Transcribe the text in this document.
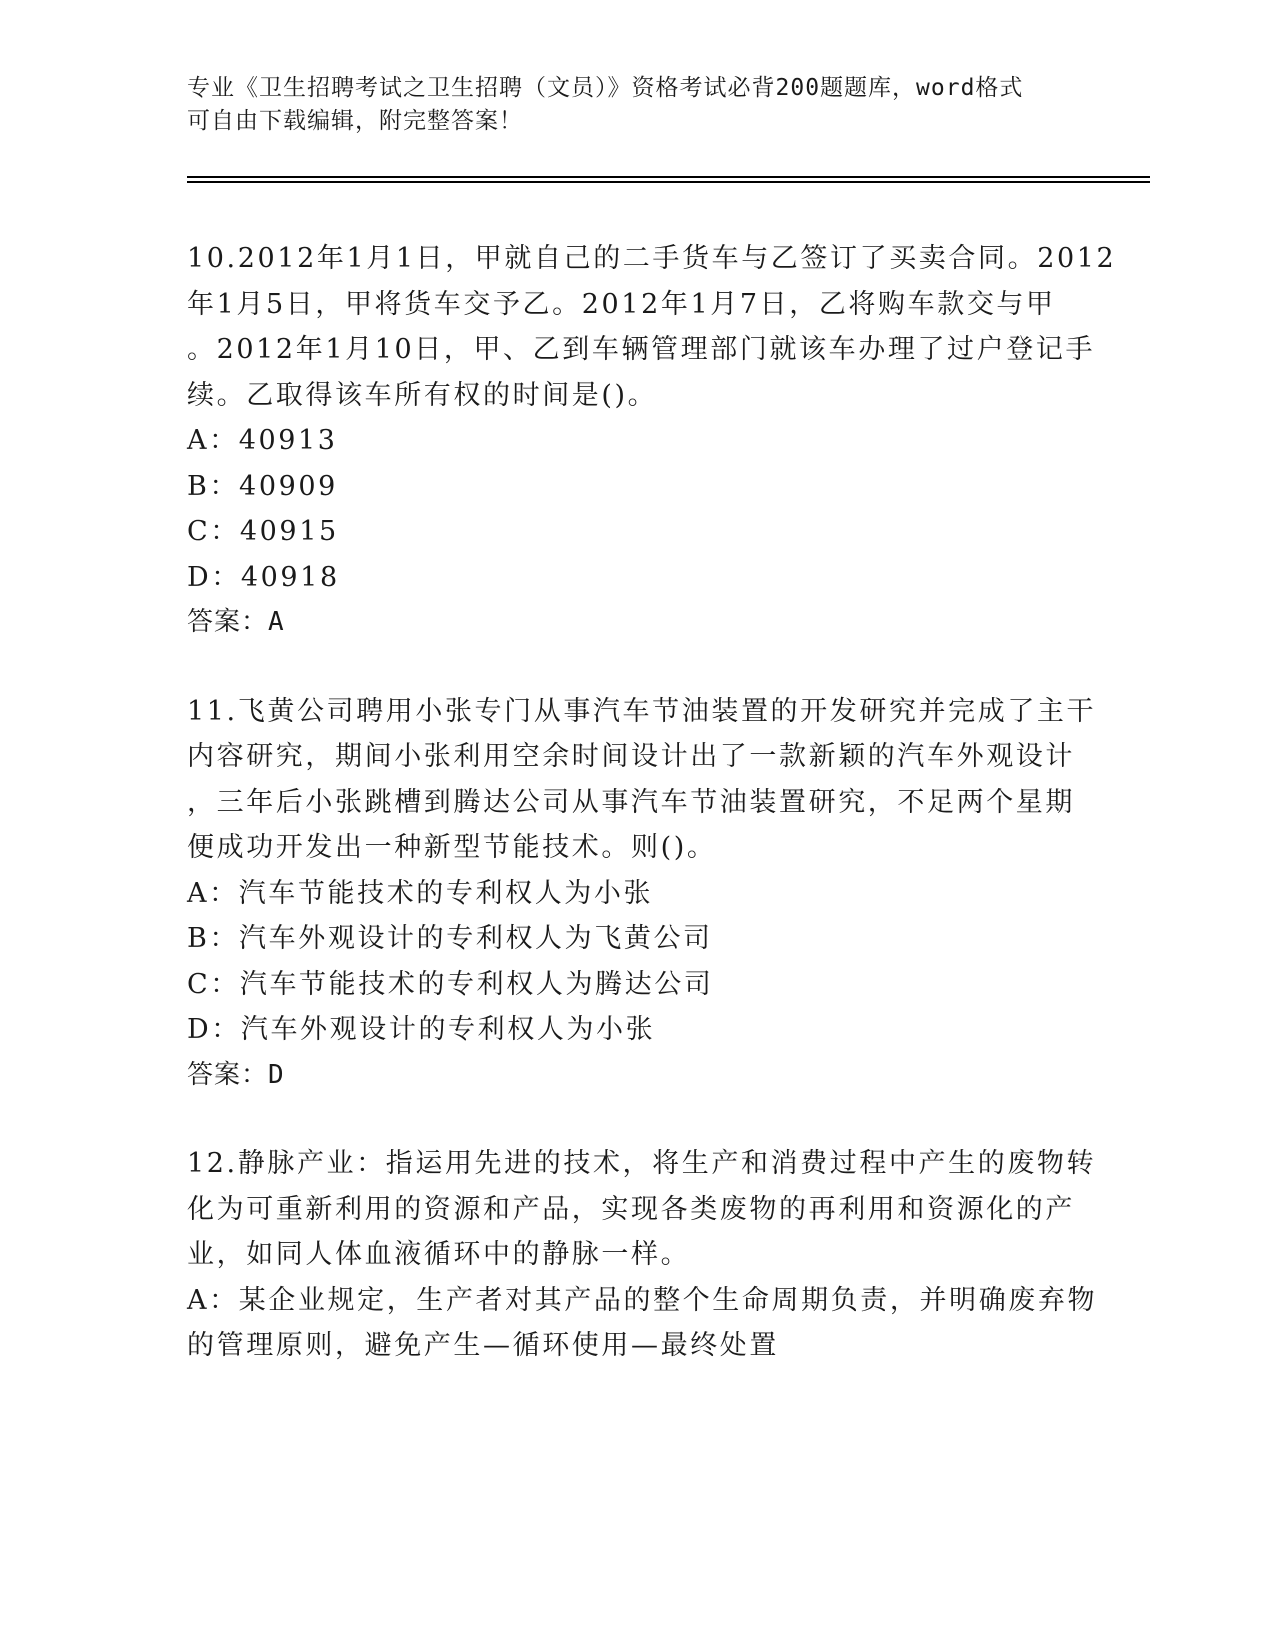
专业《卫生招聘考试之卫生招聘（文员）》资格考试必背200题题库，word格式
可自由下载编辑，附完整答案！
10.2012年1月1日，甲就自己的二手货车与乙签订了买卖合同。2012
年1月5日，甲将货车交予乙。2012年1月7日，乙将购车款交与甲
。2012年1月10日，甲、乙到车辆管理部门就该车办理了过户登记手
续。乙取得该车所有权的时间是()。
A：40913
B：40909
C：40915
D：40918
答案：A
11.飞黄公司聘用小张专门从事汽车节油装置的开发研究并完成了主干
内容研究，期间小张利用空余时间设计出了一款新颖的汽车外观设计
，三年后小张跳槽到腾达公司从事汽车节油装置研究，不足两个星期
便成功开发出一种新型节能技术。则()。
A：汽车节能技术的专利权人为小张
B：汽车外观设计的专利权人为飞黄公司
C：汽车节能技术的专利权人为腾达公司
D：汽车外观设计的专利权人为小张
答案：D
12.静脉产业：指运用先进的技术，将生产和消费过程中产生的废物转
化为可重新利用的资源和产品，实现各类废物的再利用和资源化的产
业，如同人体血液循环中的静脉一样。
A：某企业规定，生产者对其产品的整个生命周期负责，并明确废弃物
的管理原则，避免产生—循环使用—最终处置
